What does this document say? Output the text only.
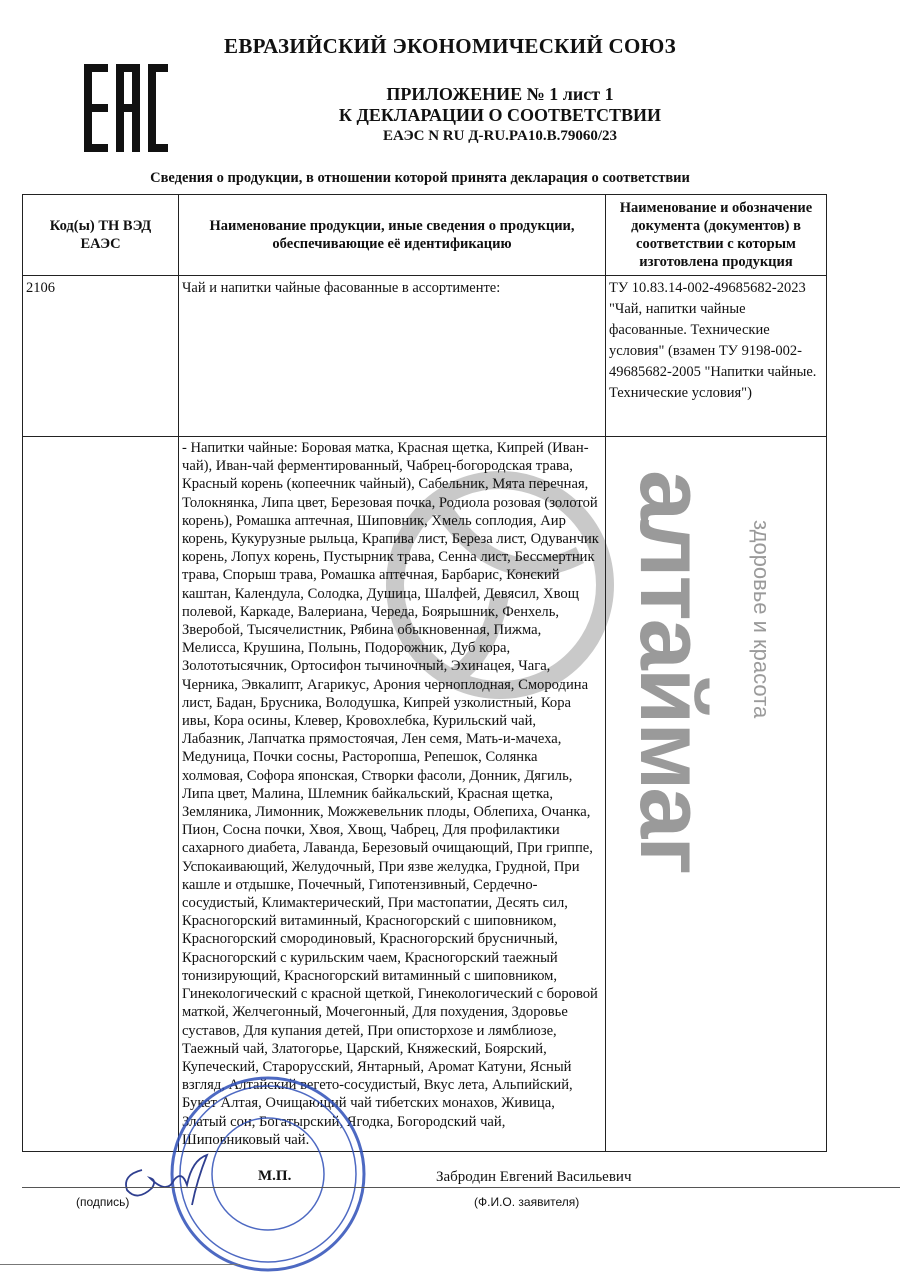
ЕВРАЗИЙСКИЙ ЭКОНОМИЧЕСКИЙ СОЮЗ
ПРИЛОЖЕНИЕ № 1 лист 1
К ДЕКЛАРАЦИИ О СООТВЕТСТВИИ
ЕАЭС N RU Д-RU.PA10.B.79060/23
Сведения о продукции, в отношении которой принята декларация о соответствии
Код(ы) ТН ВЭД ЕАЭС	Наименование продукции, иные сведения о продукции, обеспечивающие её идентификацию	Наименование и обозначение документа (документов) в соответствии с которым изготовлена продукция
2106	Чай и напитки чайные фасованные в ассортименте:	ТУ 10.83.14-002-49685682-2023 "Чай, напитки чайные фасованные. Технические условия" (взамен ТУ 9198-002-49685682-2005 "Напитки чайные. Технические условия")
	- Напитки чайные: Боровая матка, Красная щетка, Кипрей (Иван-чай), Иван-чай ферментированный, Чабрец-богородская трава, Красный корень (копеечник чайный), Сабельник, Мята перечная, Толокнянка, Липа цвет, Березовая почка, Родиола розовая (золотой корень), Ромашка аптечная, Шиповник, Хмель соплодия, Аир корень, Кукурузные рыльца, Крапива лист, Береза лист, Одуванчик корень, Лопух корень, Пустырник трава, Сенна лист, Бессмертник трава, Спорыш трава, Ромашка аптечная, Барбарис, Конский каштан, Календула, Солодка, Душица, Шалфей, Девясил, Хвощ полевой, Каркаде, Валериана, Череда, Боярышник, Фенхель, Зверобой, Тысячелистник, Рябина обыкновенная, Пижма, Мелисса, Крушина, Полынь, Подорожник, Дуб кора, Золототысячник, Ортосифон тычиночный, Эхинацея, Чага, Черника, Эвкалипт, Агарикус, Арония черноплодная, Смородина лист, Бадан, Брусника, Володушка, Кипрей узколистный, Кора ивы, Кора осины, Клевер, Кровохлебка, Курильский чай, Лабазник, Лапчатка прямостоячая, Лен семя, Мать-и-мачеха, Медуница, Почки сосны, Расторопша, Репешок, Солянка холмовая, Софора японская, Створки фасоли, Донник, Дягиль, Липа цвет, Малина, Шлемник байкальский, Красная щетка, Земляника, Лимонник, Можжевельник плоды, Облепиха, Очанка, Пион, Сосна почки, Хвоя, Хвощ, Чабрец, Для профилактики сахарного диабета, Лаванда, Березовый очищающий, При гриппе, Успокаивающий, Желудочный, При язве желудка, Грудной, При кашле и отдышке, Почечный, Гипотензивный, Сердечно-сосудистый, Климактерический, При мастопатии, Десять сил, Красногорский витаминный, Красногорский с шиповником, Красногорский смородиновый, Красногорский брусничный, Красногорский с курильским чаем, Красногорский таежный тонизирующий, Красногорский витаминный с шиповником, Гинекологический с красной щеткой, Гинекологический с боровой маткой, Желчегонный, Мочегонный, Для похудения, Здоровье суставов, Для купания детей, При описторхозе и лямблиозе, Таежный чай, Златогорье, Царский, Княжеский, Боярский, Купеческий, Старорусский, Янтарный, Аромат Катуни, Ясный взгляд, Алтайский вегето-сосудистый, Вкус лета, Альпийский, Букет Алтая, Очищающий чай тибетских монахов, Живица, Златый сон, Богатырский, Ягодка, Богородский чай, Шиповниковый чай.	
М.П.	Забродин Евгений Васильевич
(подпись)	(Ф.И.О. заявителя)
алтаймаг здоровье и красота
